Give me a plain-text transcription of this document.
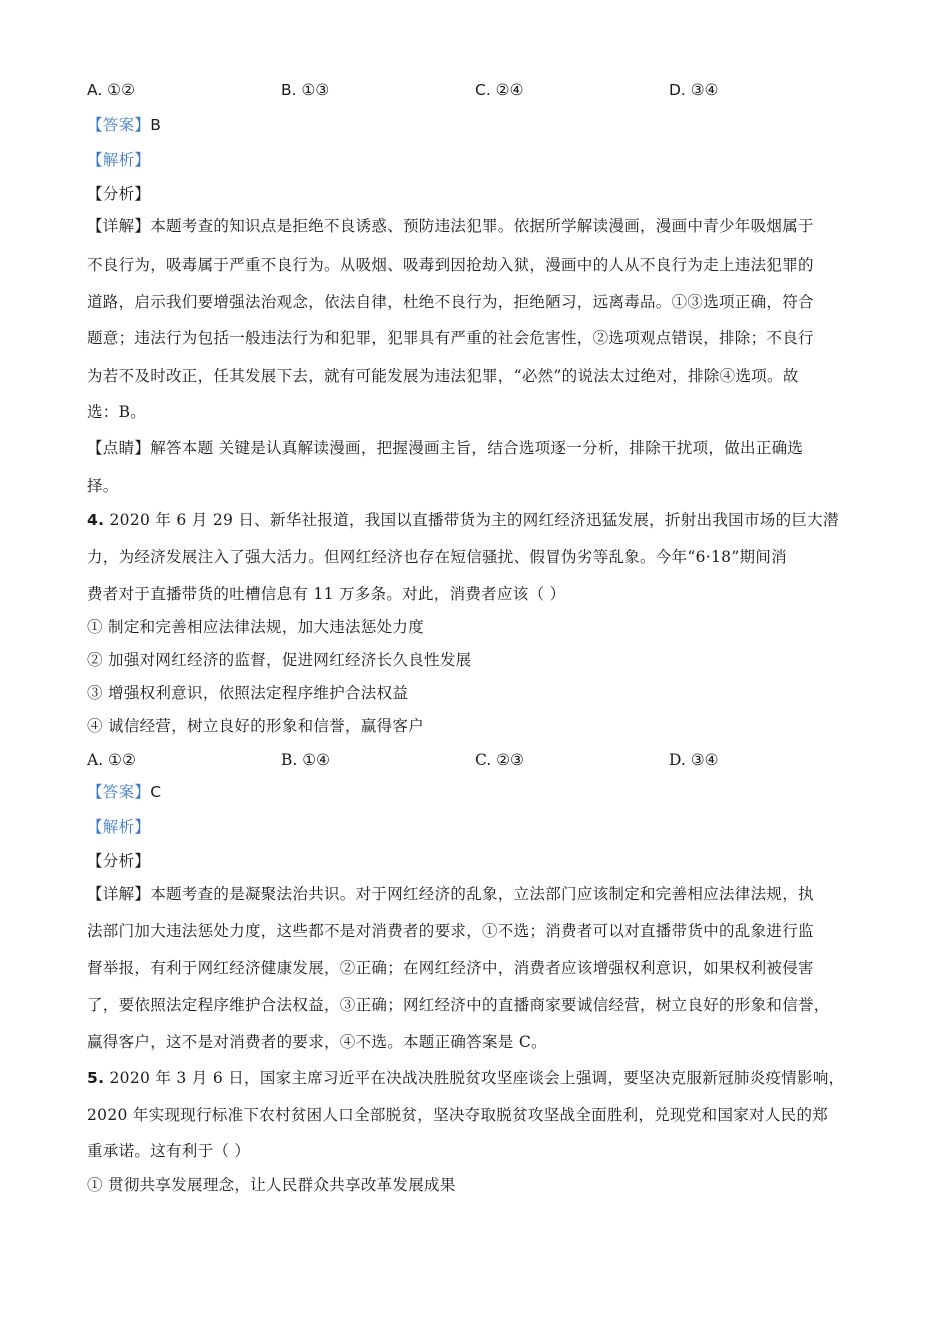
A. ①②	B. ①③	C. ②④	D. ③④
【答案】B
【解析】
【分析】
【详解】本题考查的知识点是拒绝不良诱惑、预防违法犯罪。依据所学解读漫画，漫画中青少年吸烟属于
不良行为，吸毒属于严重不良行为。从吸烟、吸毒到因抢劫入狱，漫画中的人从不良行为走上违法犯罪的
道路，启示我们要增强法治观念，依法自律，杜绝不良行为，拒绝陋习，远离毒品。①③选项正确，符合
题意；违法行为包括一般违法行为和犯罪，犯罪具有严重的社会危害性，②选项观点错误，排除；不良行
为若不及时改正，任其发展下去，就有可能发展为违法犯罪，“必然”的说法太过绝对，排除④选项。故
选：B。
【点睛】解答本题 关键是认真解读漫画，把握漫画主旨，结合选项逐一分析，排除干扰项，做出正确选
择。
4. 2020 年 6 月 29 日、新华社报道，我国以直播带货为主的网红经济迅猛发展，折射出我国市场的巨大潜
力，为经济发展注入了强大活力。但网红经济也存在短信骚扰、假冒伪劣等乱象。今年“6·18”期间消
费者对于直播带货的吐槽信息有 11 万多条。对此，消费者应该（ ）
① 制定和完善相应法律法规，加大违法惩处力度
② 加强对网红经济的监督，促进网红经济长久良性发展
③ 增强权利意识，依照法定程序维护合法权益
④ 诚信经营，树立良好的形象和信誉，赢得客户
A. ①②	B. ①④	C. ②③	D. ③④
【答案】C
【解析】
【分析】
【详解】本题考查的是凝聚法治共识。对于网红经济的乱象，立法部门应该制定和完善相应法律法规，执
法部门加大违法惩处力度，这些都不是对消费者的要求，①不选；消费者可以对直播带货中的乱象进行监
督举报，有利于网红经济健康发展，②正确；在网红经济中，消费者应该增强权利意识，如果权利被侵害
了，要依照法定程序维护合法权益，③正确；网红经济中的直播商家要诚信经营，树立良好的形象和信誉，
赢得客户，这不是对消费者的要求，④不选。本题正确答案是 C。
5. 2020 年 3 月 6 日，国家主席习近平在决战决胜脱贫攻坚座谈会上强调，要坚决克服新冠肺炎疫情影响，
2020 年实现现行标准下农村贫困人口全部脱贫，坚决夺取脱贫攻坚战全面胜利，兑现党和国家对人民的郑
重承诺。这有利于（ ）
① 贯彻共享发展理念，让人民群众共享改革发展成果
